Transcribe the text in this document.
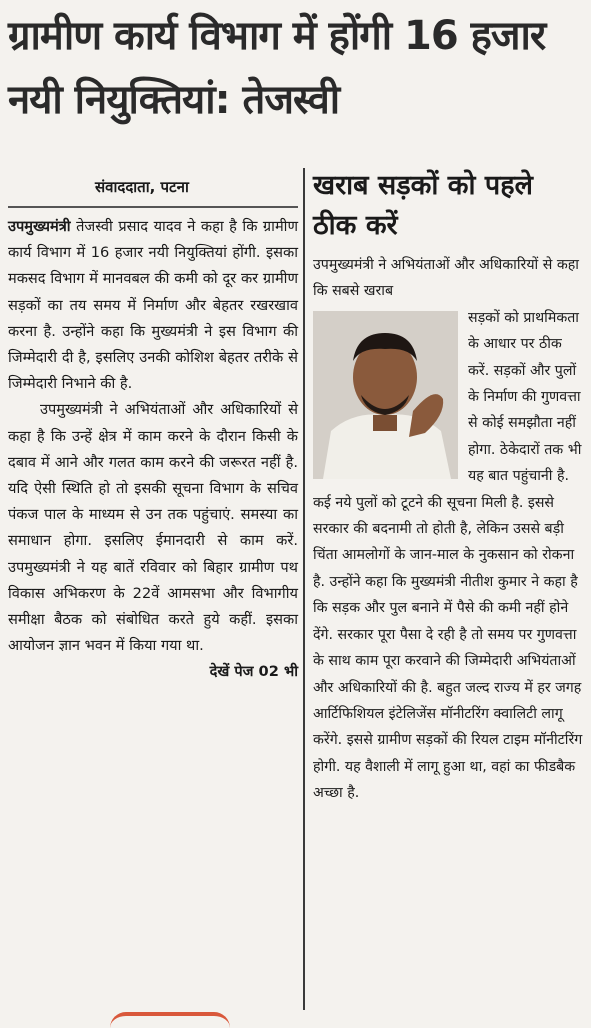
ग्रामीण कार्य विभाग में होंगी 16 हजार नयी नियुक्तियां: तेजस्वी
संवाददाता, पटना

उपमुख्यमंत्री तेजस्वी प्रसाद यादव ने कहा है कि ग्रामीण कार्य विभाग में 16 हजार नयी नियुक्तियां होंगी. इसका मकसद विभाग में मानवबल की कमी को दूर कर ग्रामीण सड़कों का तय समय में निर्माण और बेहतर रखरखाव करना है. उन्होंने कहा कि मुख्यमंत्री ने इस विभाग की जिम्मेदारी दी है, इसलिए उनकी कोशिश बेहतर तरीके से जिम्मेदारी निभाने की है.

उपमुख्यमंत्री ने अभियंताओं और अधिकारियों से कहा है कि उन्हें क्षेत्र में काम करने के दौरान किसी के दबाव में आने और गलत काम करने की जरूरत नहीं है. यदि ऐसी स्थिति हो तो इसकी सूचना विभाग के सचिव पंकज पाल के माध्यम से उन तक पहुंचाएं. समस्या का समाधान होगा. इसलिए ईमानदारी से काम करें. उपमुख्यमंत्री ने यह बातें रविवार को बिहार ग्रामीण पथ विकास अभिकरण के 22वें आमसभा और विभागीय समीक्षा बैठक को संबोधित करते हुये कहीं. इसका आयोजन ज्ञान भवन में किया गया था.
देखें पेज 02 भी

खराब सड़कों को पहले ठीक करें

उपमुख्यमंत्री ने अभियंताओं और अधिकारियों से कहा कि सबसे खराब

सड़कों को प्राथमिकता के आधार पर ठीक करें. सड़कों और पुलों के निर्माण की गुणवत्ता से कोई समझौता नहीं होगा. ठेकेदारों तक भी यह बात पहुंचानी है. कई नये पुलों को टूटने की सूचना मिली है. इससे सरकार की बदनामी तो होती है, लेकिन उससे बड़ी चिंता आमलोगों के जान-माल के नुकसान को रोकना है. उन्होंने कहा कि मुख्यमंत्री नीतीश कुमार ने कहा है कि सड़क और पुल बनाने में पैसे की कमी नहीं होने देंगे. सरकार पूरा पैसा दे रही है तो समय पर गुणवत्ता के साथ काम पूरा करवाने की जिम्मेदारी अभियंताओं और अधिकारियों की है. बहुत जल्द राज्य में हर जगह आर्टिफिशियल इंटेलिजेंस मॉनीटरिंग क्वालिटी लागू करेंगे. इससे ग्रामीण सड़कों की रियल टाइम मॉनीटरिंग होगी. यह वैशाली में लागू हुआ था, वहां का फीडबैक अच्छा है.
